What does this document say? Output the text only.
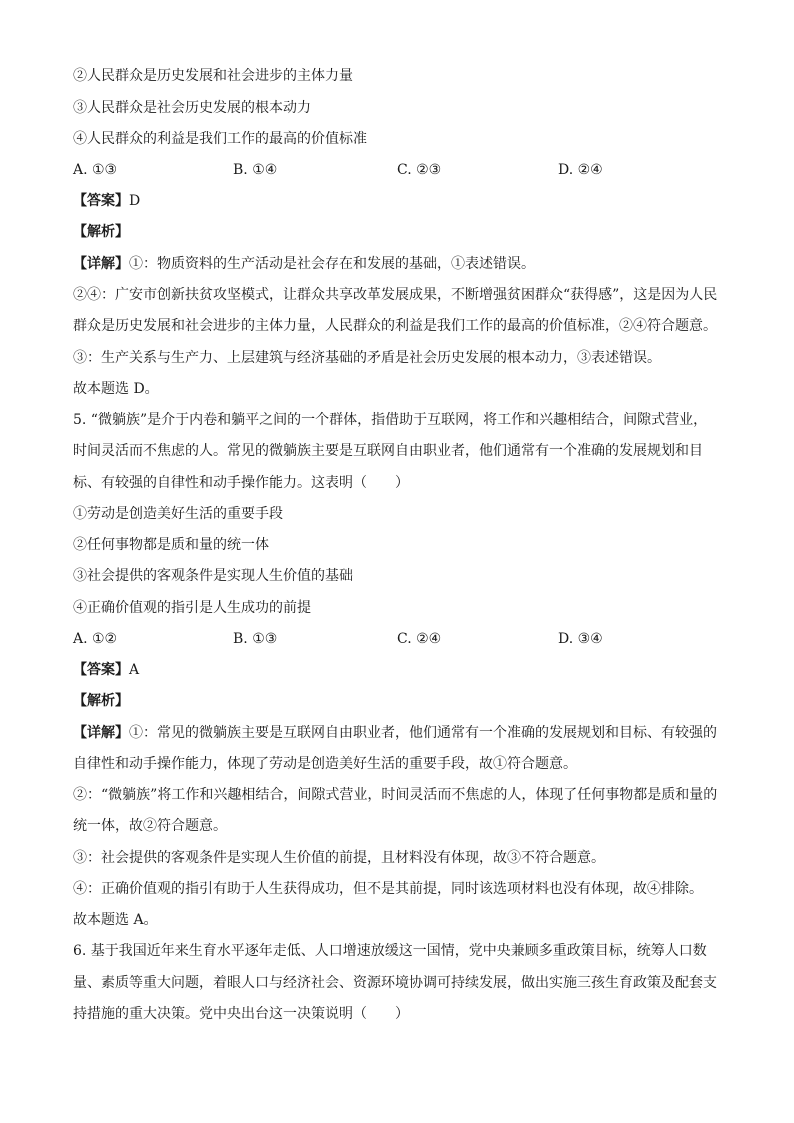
②人民群众是历史发展和社会进步的主体力量
③人民群众是社会历史发展的根本动力
④人民群众的利益是我们工作的最高的价值标准
A. ①③	B. ①④	C. ②③	D. ②④
【答案】D
【解析】
【详解】①：物质资料的生产活动是社会存在和发展的基础，①表述错误。
②④：广安市创新扶贫攻坚模式，让群众共享改革发展成果，不断增强贫困群众“获得感”，这是因为人民
群众是历史发展和社会进步的主体力量，人民群众的利益是我们工作的最高的价值标准，②④符合题意。
③：生产关系与生产力、上层建筑与经济基础的矛盾是社会历史发展的根本动力，③表述错误。
故本题选 D。
5. “微躺族”是介于内卷和躺平之间的一个群体，指借助于互联网，将工作和兴趣相结合，间隙式营业，
时间灵活而不焦虑的人。常见的微躺族主要是互联网自由职业者，他们通常有一个准确的发展规划和目
标、有较强的自律性和动手操作能力。这表明（　　）
①劳动是创造美好生活的重要手段
②任何事物都是质和量的统一体
③社会提供的客观条件是实现人生价值的基础
④正确价值观的指引是人生成功的前提
A. ①②	B. ①③	C. ②④	D. ③④
【答案】A
【解析】
【详解】①：常见的微躺族主要是互联网自由职业者，他们通常有一个准确的发展规划和目标、有较强的
自律性和动手操作能力，体现了劳动是创造美好生活的重要手段，故①符合题意。
②：“微躺族”将工作和兴趣相结合，间隙式营业，时间灵活而不焦虑的人，体现了任何事物都是质和量的
统一体，故②符合题意。
③：社会提供的客观条件是实现人生价值的前提，且材料没有体现，故③不符合题意。
④：正确价值观的指引有助于人生获得成功，但不是其前提，同时该选项材料也没有体现，故④排除。
故本题选 A。
6. 基于我国近年来生育水平逐年走低、人口增速放缓这一国情，党中央兼顾多重政策目标，统筹人口数
量、素质等重大问题，着眼人口与经济社会、资源环境协调可持续发展，做出实施三孩生育政策及配套支
持措施的重大决策。党中央出台这一决策说明（　　）
